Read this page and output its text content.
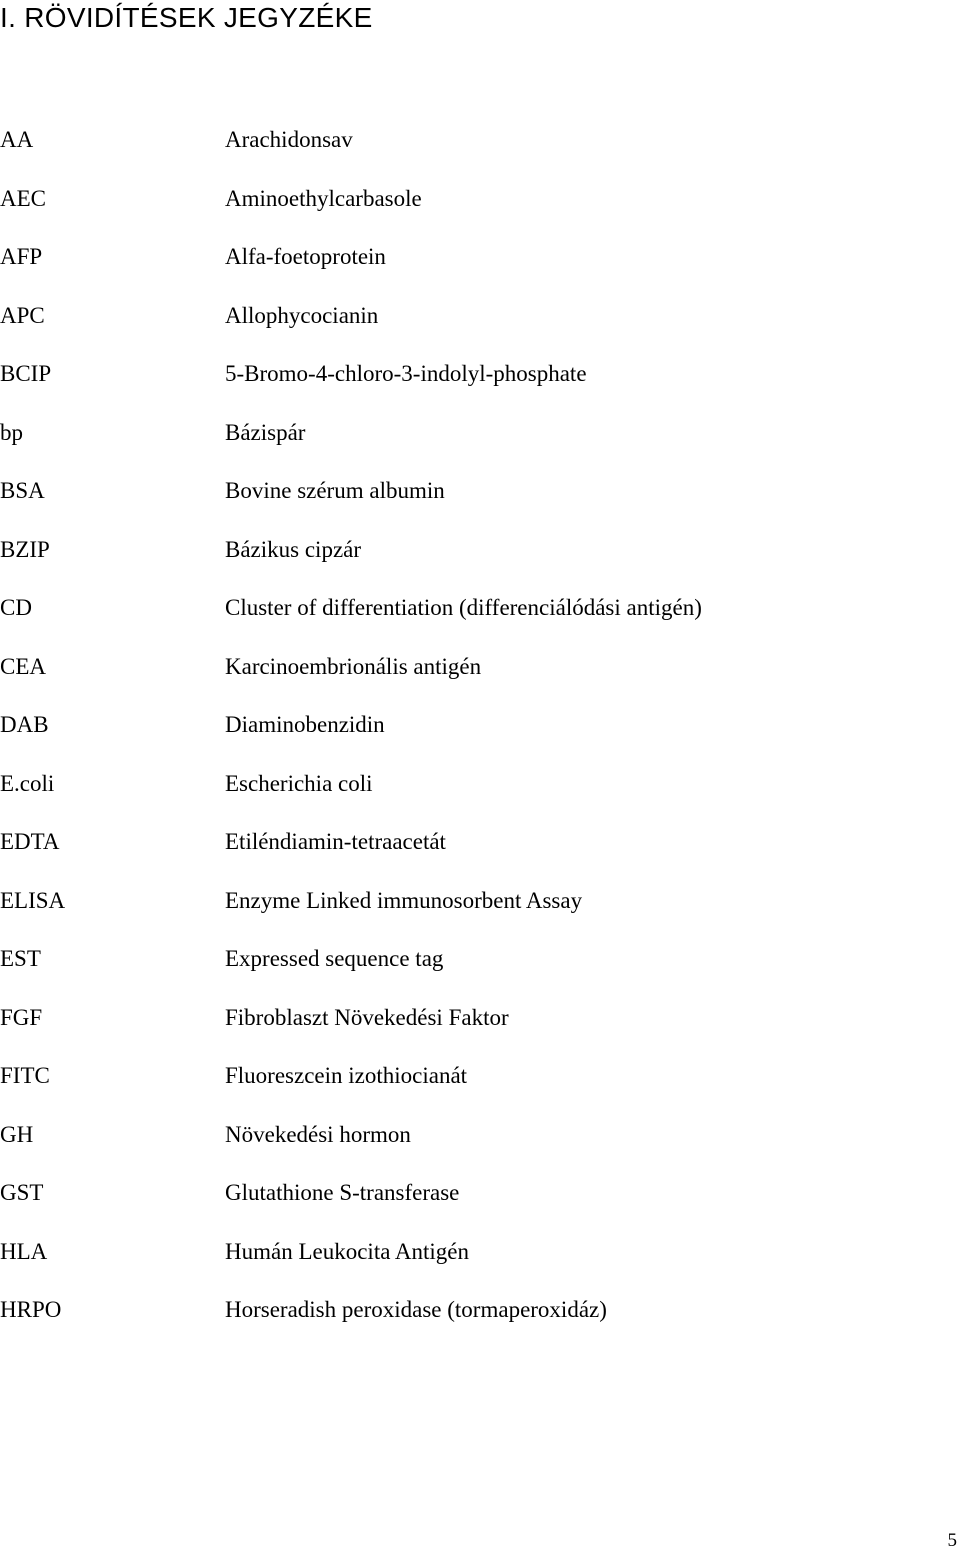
I. RÖVIDÍTÉSEK JEGYZÉKE
AA	Arachidonsav
AEC	Aminoethylcarbasole
AFP	Alfa-foetoprotein
APC	Allophycocianin
BCIP	5-Bromo-4-chloro-3-indolyl-phosphate
bp	Bázispár
BSA	Bovine szérum albumin
BZIP	Bázikus cipzár
CD	Cluster of differentiation (differenciálódási antigén)
CEA	Karcinoembrionális antigén
DAB	Diaminobenzidin
E.coli	Escherichia coli
EDTA	Etiléndiamin-tetraacetát
ELISA	Enzyme Linked immunosorbent Assay
EST	Expressed sequence tag
FGF	Fibroblaszt Növekedési Faktor
FITC	Fluoreszcein izothiocianát
GH	Növekedési hormon
GST	Glutathione S-transferase
HLA	Humán Leukocita Antigén
HRPO	Horseradish peroxidase (tormaperoxidáz)
5
